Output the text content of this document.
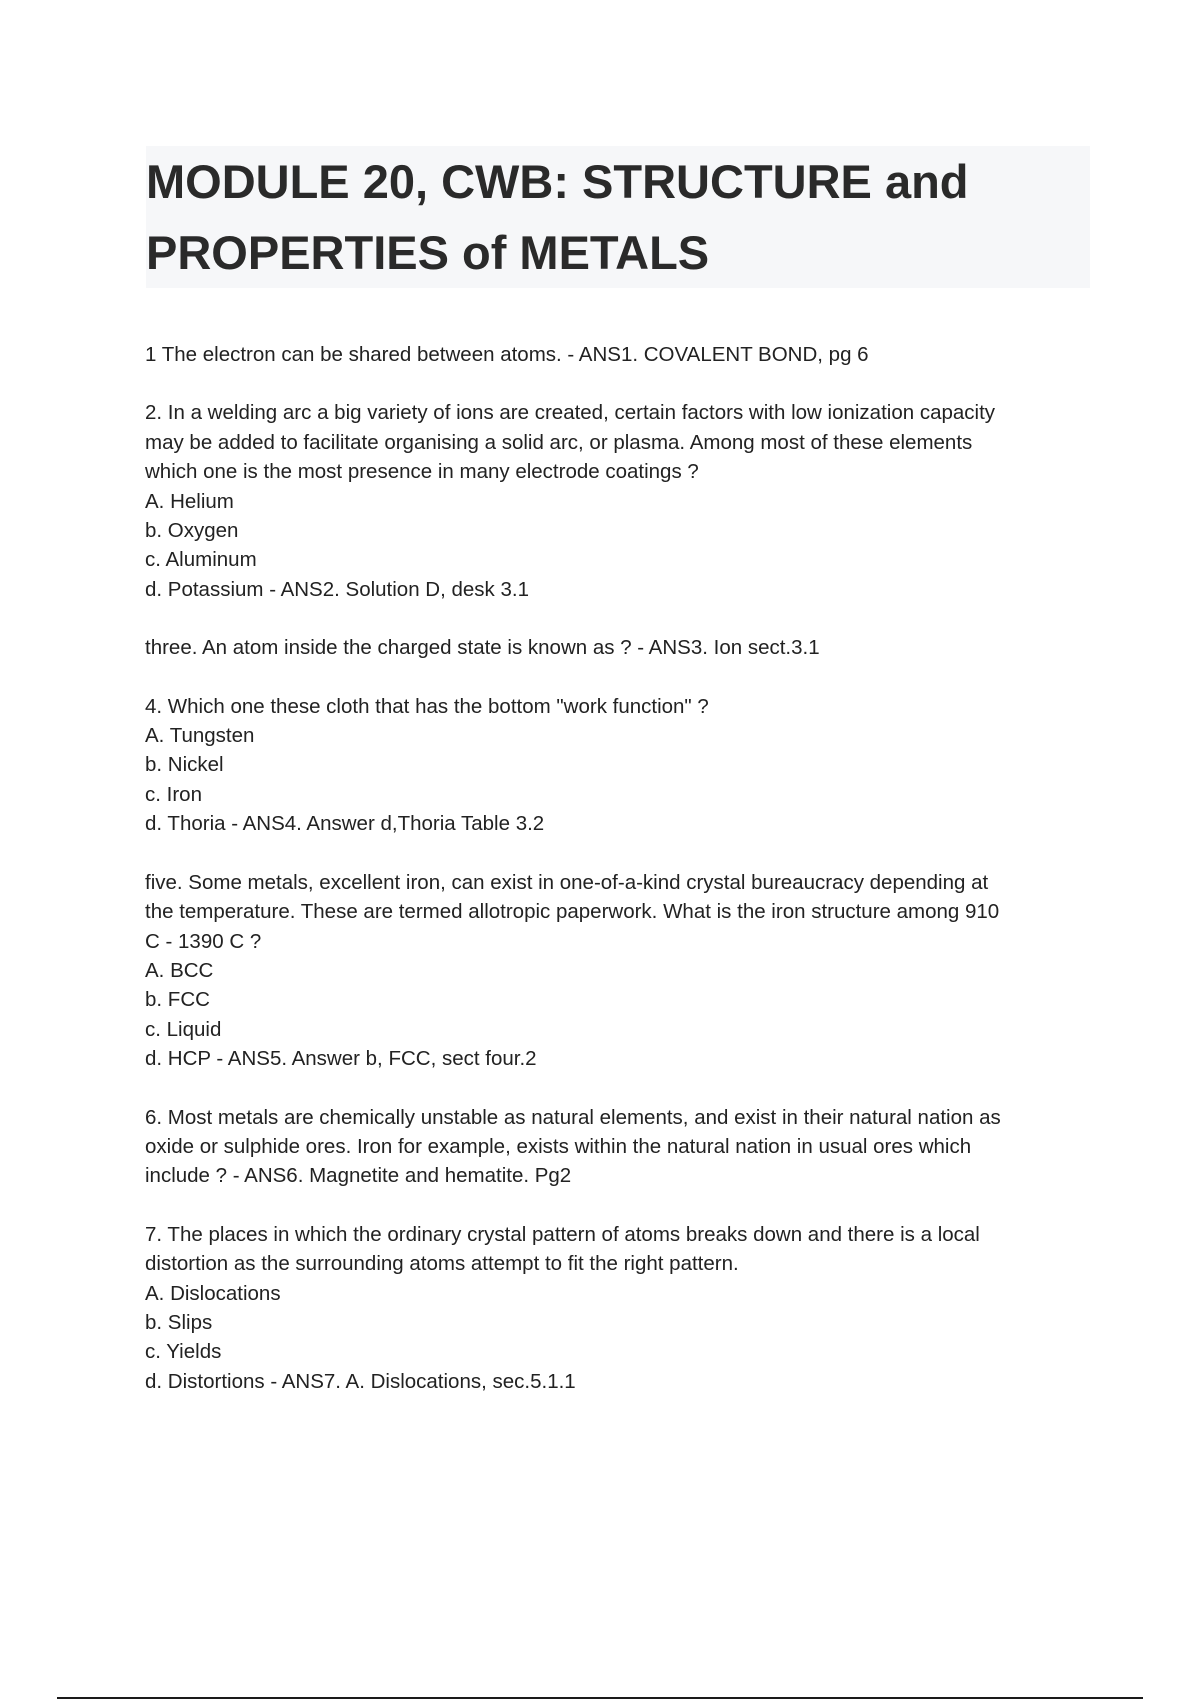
MODULE 20, CWB: STRUCTURE and
PROPERTIES of METALS
1 The electron can be shared between atoms. - ANS1. COVALENT BOND, pg 6
2. In a welding arc a big variety of ions are created, certain factors with low ionization capacity
may be added to facilitate organising a solid arc, or plasma. Among most of these elements
which one is the most presence in many electrode coatings ?
A. Helium
b. Oxygen
c. Aluminum
d. Potassium - ANS2. Solution D, desk 3.1
three. An atom inside the charged state is known as ? - ANS3. Ion sect.3.1
4. Which one these cloth that has the bottom "work function" ?
A. Tungsten
b. Nickel
c. Iron
d. Thoria - ANS4. Answer d,Thoria Table 3.2
five. Some metals, excellent iron, can exist in one-of-a-kind crystal bureaucracy depending at
the temperature. These are termed allotropic paperwork. What is the iron structure among 910
C - 1390 C ?
A. BCC
b. FCC
c. Liquid
d. HCP - ANS5. Answer b, FCC, sect four.2
6. Most metals are chemically unstable as natural elements, and exist in their natural nation as
oxide or sulphide ores. Iron for example, exists within the natural nation in usual ores which
include ? - ANS6. Magnetite and hematite. Pg2
7. The places in which the ordinary crystal pattern of atoms breaks down and there is a local
distortion as the surrounding atoms attempt to fit the right pattern.
A. Dislocations
b. Slips
c. Yields
d. Distortions - ANS7. A. Dislocations, sec.5.1.1
